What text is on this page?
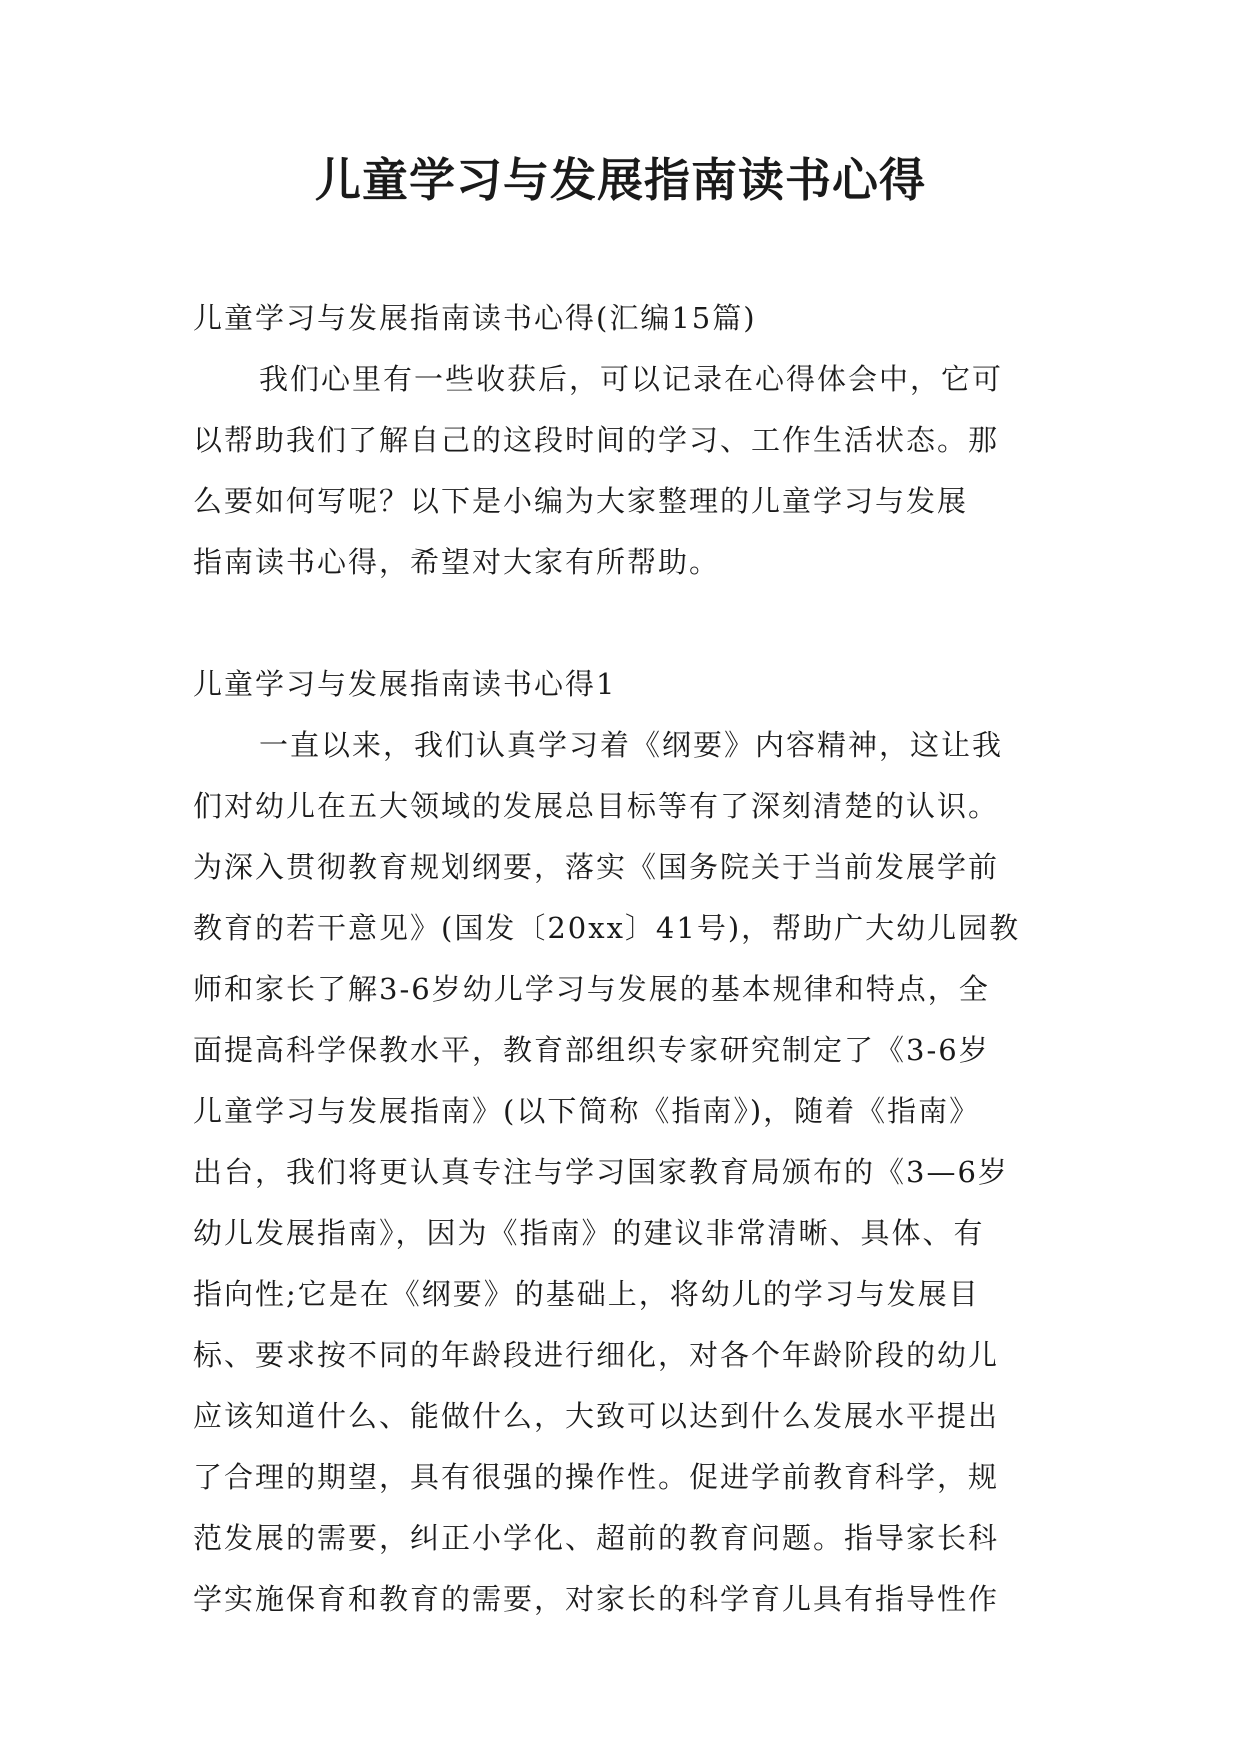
儿童学习与发展指南读书心得
儿童学习与发展指南读书心得(汇编15篇)
我们心里有一些收获后，可以记录在心得体会中，它可
以帮助我们了解自己的这段时间的学习、工作生活状态。那
么要如何写呢？以下是小编为大家整理的儿童学习与发展
指南读书心得，希望对大家有所帮助。
儿童学习与发展指南读书心得1
一直以来，我们认真学习着《纲要》内容精神，这让我
们对幼儿在五大领域的发展总目标等有了深刻清楚的认识。
为深入贯彻教育规划纲要，落实《国务院关于当前发展学前
教育的若干意见》(国发〔20xx〕41号)，帮助广大幼儿园教
师和家长了解3-6岁幼儿学习与发展的基本规律和特点，全
面提高科学保教水平，教育部组织专家研究制定了《3-6岁
儿童学习与发展指南》(以下简称《指南》)，随着《指南》
出台，我们将更认真专注与学习国家教育局颁布的《3—6岁
幼儿发展指南》，因为《指南》的建议非常清晰、具体、有
指向性;它是在《纲要》的基础上，将幼儿的学习与发展目
标、要求按不同的年龄段进行细化，对各个年龄阶段的幼儿
应该知道什么、能做什么，大致可以达到什么发展水平提出
了合理的期望，具有很强的操作性。促进学前教育科学，规
范发展的需要，纠正小学化、超前的教育问题。指导家长科
学实施保育和教育的需要，对家长的科学育儿具有指导性作
